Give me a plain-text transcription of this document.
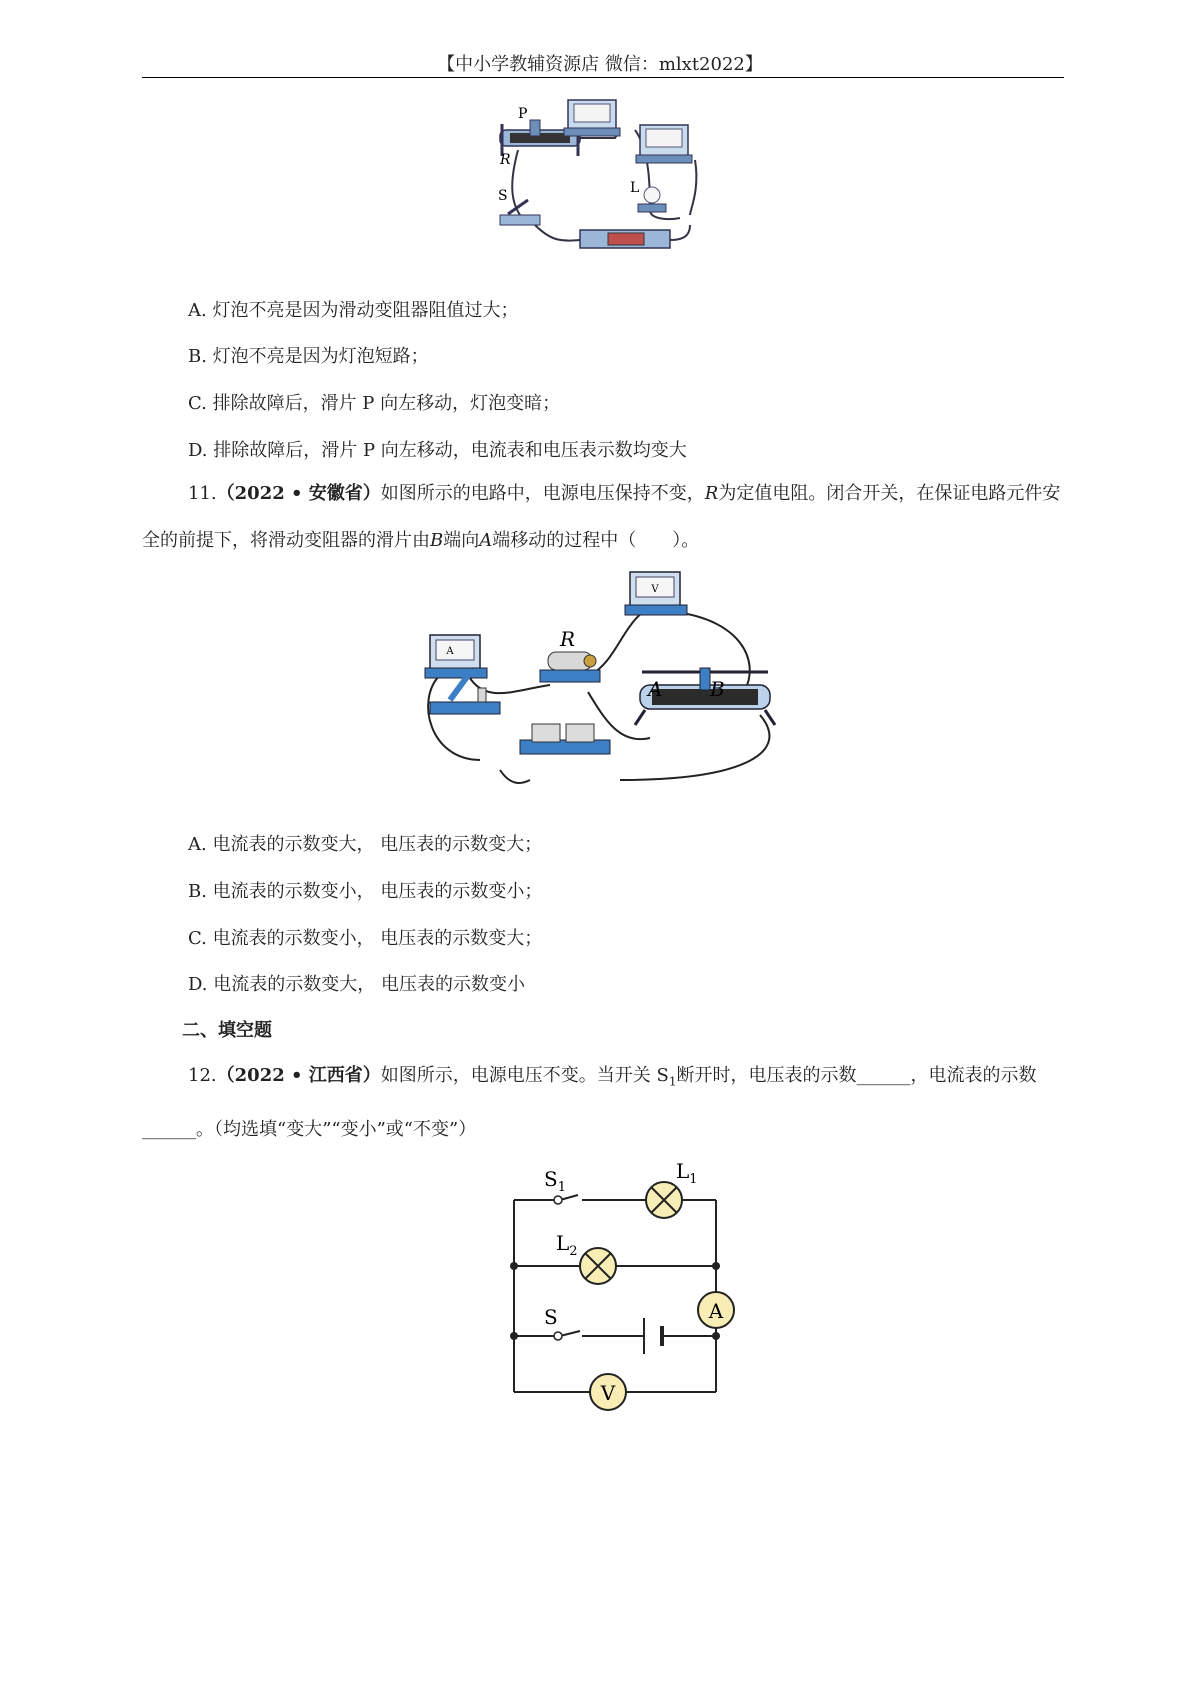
【中小学教辅资源店 微信：mlxt2022】
P
R
L
S
A. 灯泡不亮是因为滑动变阻器阻值过大；
B. 灯泡不亮是因为灯泡短路；
C. 排除故障后，滑片 P 向左移动，灯泡变暗；
D. 排除故障后，滑片 P 向左移动，电流表和电压表示数均变大
11.（2022 • 安徽省）如图所示的电路中，电源电压保持不变，R为定值电阻。闭合开关，在保证电路元件安全的前提下，将滑动变阻器的滑片由B端向A端移动的过程中（　　）。
A
R
V
A B
A. 电流表的示数变大， 电压表的示数变大；
B. 电流表的示数变小， 电压表的示数变小；
C. 电流表的示数变小， 电压表的示数变大；
D. 电流表的示数变大， 电压表的示数变小
二、填空题
12.（2022 • 江西省）如图所示，电源电压不变。当开关 $S_1$断开时，电压表的示数______，电流表的示数______。（均选填“变大”“变小”或“不变”）
A
V
$S_1$
$L_1$
$L_2$
S
